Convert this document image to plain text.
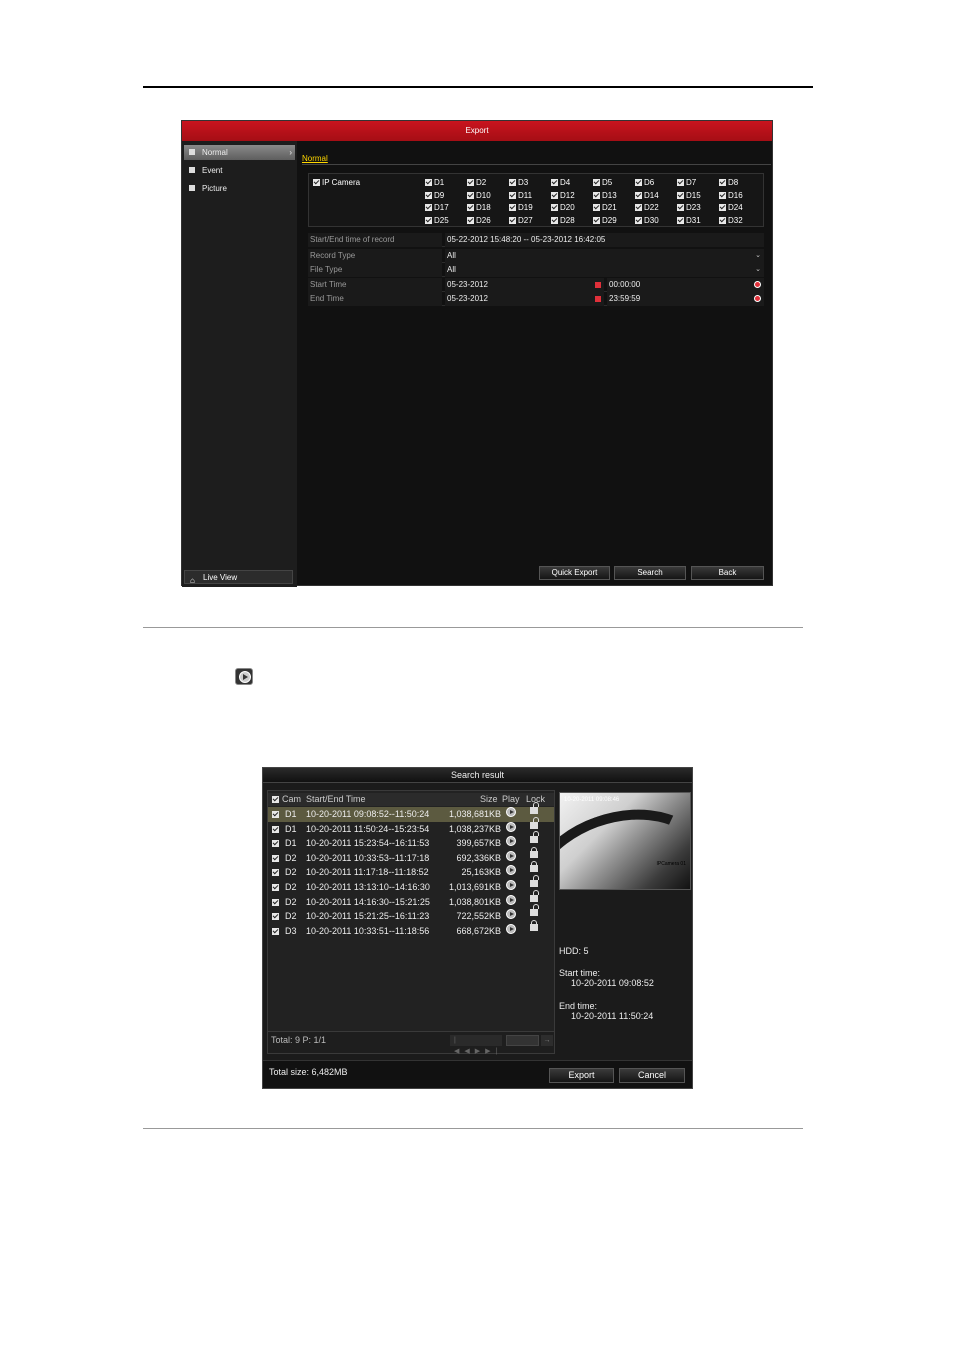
Export
Normal	›
Event
Picture
⌂ Live View
Normal
IP Camera	D1	D2	D3	D4	D5	D6	D7	D8
D9	D10	D11	D12	D13	D14	D15	D16
D17	D18	D19	D20	D21	D22	D23	D24
D25	D26	D27	D28	D29	D30	D31	D32
Start/End time of record	05-22-2012 15:48:20 -- 05-23-2012 16:42:05
Record Type	All	⌄
File Type	All	⌄
Start Time	05-23-2012	00:00:00
End Time	05-23-2012	23:59:59
Quick Export	Search	Back
Search result
Cam Start/End Time	Size Play Lock
D1 10-20-2011 09:08:52--11:50:24 1,038,681KB
D1 10-20-2011 11:50:24--15:23:54 1,038,237KB
D1 10-20-2011 15:23:54--16:11:53	399,657KB
D2 10-20-2011 10:33:53--11:17:18	692,336KB
D2 10-20-2011 11:17:18--11:18:52	25,163KB
D2 10-20-2011 13:13:10--14:16:30 1,013,691KB
D2 10-20-2011 14:16:30--15:21:25 1,038,801KB
D2 10-20-2011 15:21:25--16:11:23	722,552KB
D3 10-20-2011 10:33:51--11:18:56	668,672KB
Total: 9 P: 1/1	|◀◀▶▶|
→
10-20-2011 09:08:46
IPCamera 01
HDD: 5
Start time:
10-20-2011 09:08:52
End time:
10-20-2011 11:50:24
Total size: 6,482MB	Export	Cancel
